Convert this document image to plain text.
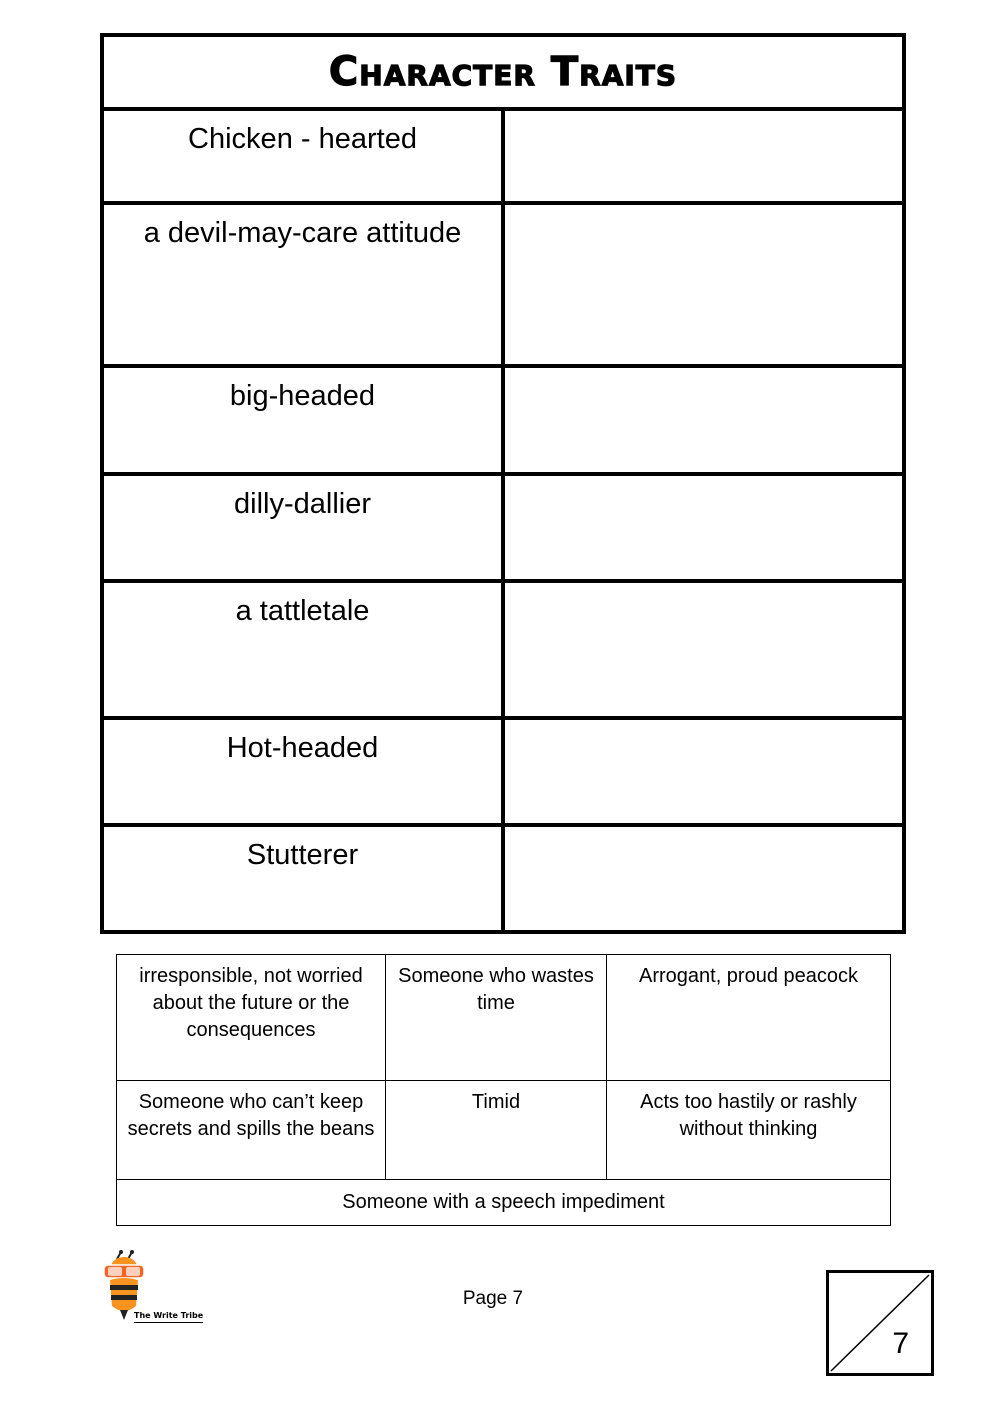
Character Traits	
Chicken - hearted	
a devil-may-care attitude	
big-headed	
dilly-dallier	
a tattletale	
Hot-headed	
Stutterer	
irresponsible, not worried about the future or the consequences	Someone who wastes time	Arrogant, proud peacock
Someone who can’t keep secrets and spills the beans	Timid	Acts too hastily or rashly without thinking
Someone with a speech impediment		
The Write Tribe
Page 7
7
